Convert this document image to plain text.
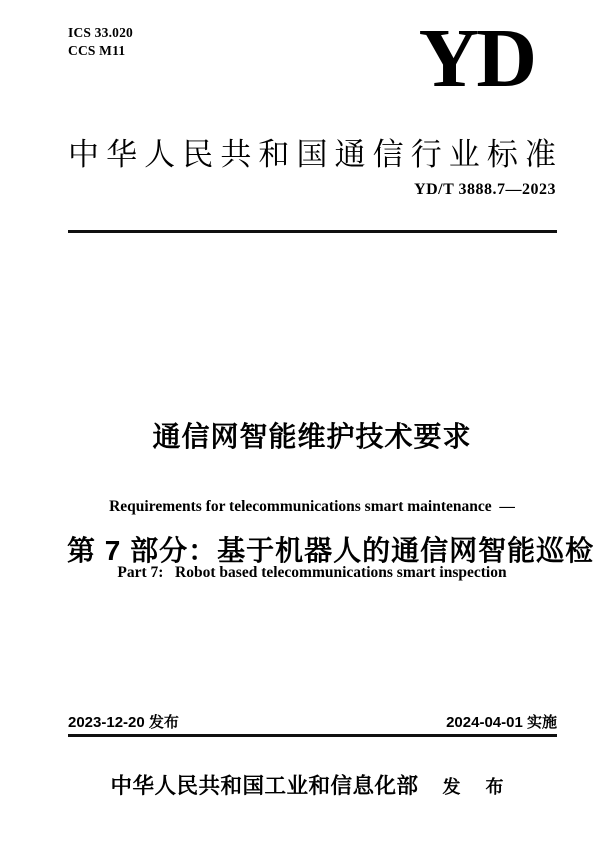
ICS 33.020
CCS M11	YD
中 华 人 民 共 和 国 通 信 行 业 标 准
YD/T 3888.7—2023

通信网智能维护技术要求

第 7 部分：基于机器人的通信网智能巡检

Requirements for telecommunications smart maintenance  —

Part 7:   Robot based telecommunications smart inspection

2023-12-20 发布	2024-04-01 实施
中华人民共和国工业和信息化部 发 布
